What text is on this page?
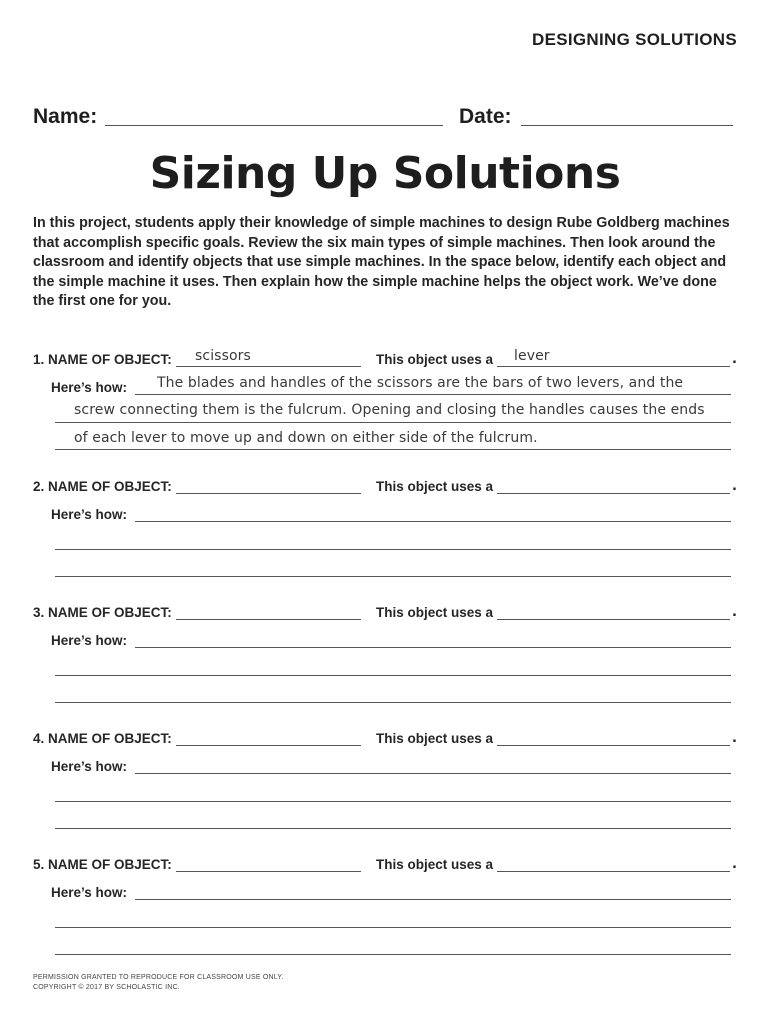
DESIGNING SOLUTIONS
Name:	Date:
Sizing Up Solutions
In this project, students apply their knowledge of simple machines to design Rube Goldberg machines that accomplish specific goals. Review the six main types of simple machines. Then look around the classroom and identify objects that use simple machines. In the space below, identify each object and the simple machine it uses. Then explain how the simple machine helps the object work. We’ve done the first one for you.
1. NAME OF OBJECT: scissors	This object uses a lever	.
Here’s how: The blades and handles of the scissors are the bars of two levers, and the
screw connecting them is the fulcrum. Opening and closing the handles causes the ends
of each lever to move up and down on either side of the fulcrum.
2. NAME OF OBJECT:	This object uses a	.
Here’s how:
3. NAME OF OBJECT:	This object uses a	.
Here’s how:
4. NAME OF OBJECT:	This object uses a	.
Here’s how:
5. NAME OF OBJECT:	This object uses a	.
Here’s how:
PERMISSION GRANTED TO REPRODUCE FOR CLASSROOM USE ONLY.
COPYRIGHT © 2017 BY SCHOLASTIC INC.
